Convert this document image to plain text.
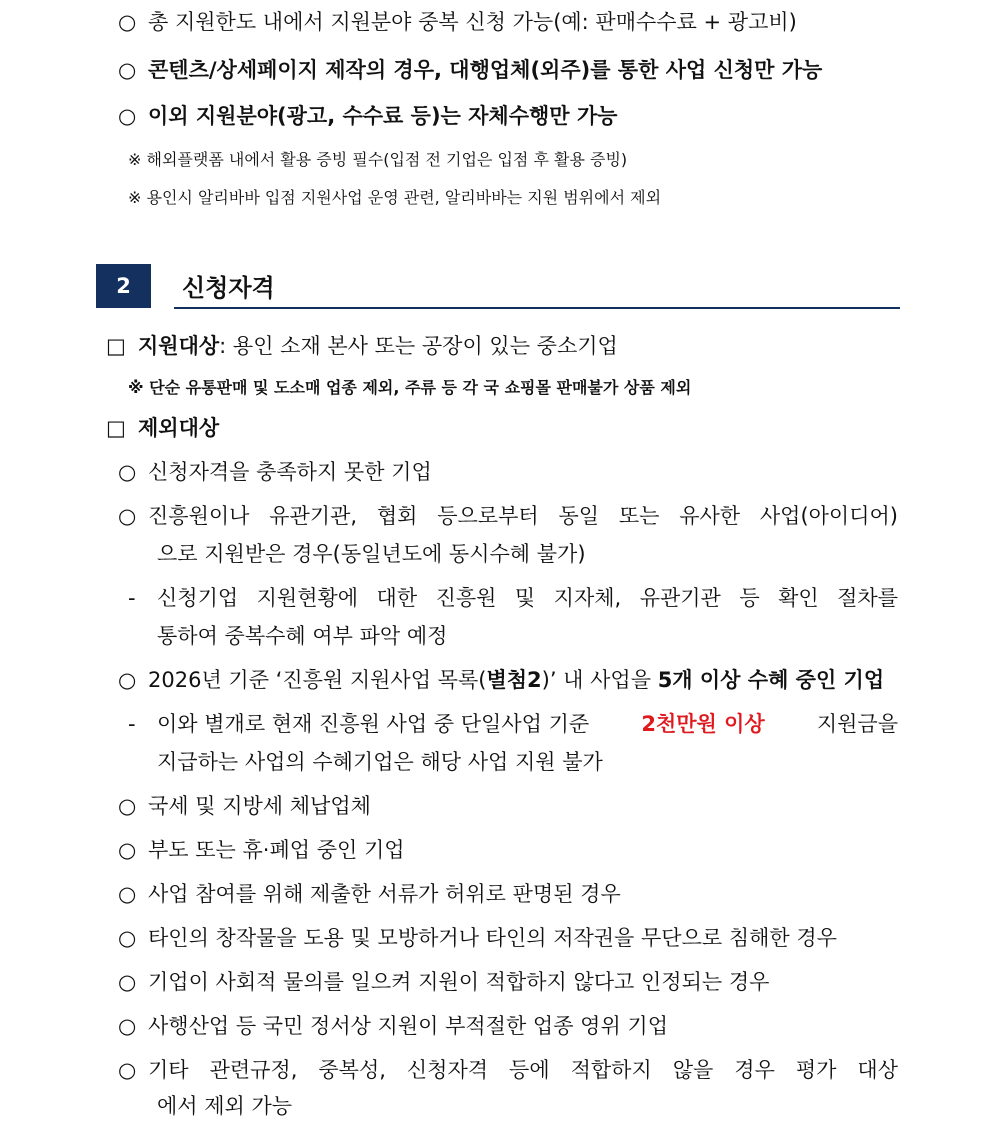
○ 총 지원한도 내에서 지원분야 중복 신청 가능(예: 판매수수료 + 광고비)
○ 콘텐츠/상세페이지 제작의 경우, 대행업체(외주)를 통한 사업 신청만 가능
○ 이외 지원분야(광고, 수수료 등)는 자체수행만 가능
※ 해외플랫폼 내에서 활용 증빙 필수(입점 전 기업은 입점 후 활용 증빙)
※ 용인시 알리바바 입점 지원사업 운영 관련, 알리바바는 지원 범위에서 제외
2	신청자격
□ 지원대상: 용인 소재 본사 또는 공장이 있는 중소기업
※ 단순 유통판매 및 도소매 업종 제외, 주류 등 각 국 쇼핑몰 판매불가 상품 제외
□ 제외대상
○ 신청자격을 충족하지 못한 기업
○ 진흥원이나 유관기관, 협회 등으로부터 동일 또는 유사한 사업(아이디어)
으로 지원받은 경우(동일년도에 동시수혜 불가)
-	신청기업 지원현황에 대한 진흥원 및 지자체, 유관기관 등 확인 절차를
통하여 중복수혜 여부 파악 예정
○ 2026년 기준 ‘진흥원 지원사업 목록(별첨2)’ 내 사업을 5개 이상 수혜 중인 기업
-	이와 별개로 현재 진흥원 사업 중 단일사업 기준 2천만원 이상 지원금을
지급하는 사업의 수혜기업은 해당 사업 지원 불가
○ 국세 및 지방세 체납업체
○ 부도 또는 휴·폐업 중인 기업
○ 사업 참여를 위해 제출한 서류가 허위로 판명된 경우
○ 타인의 창작물을 도용 및 모방하거나 타인의 저작권을 무단으로 침해한 경우
○ 기업이 사회적 물의를 일으켜 지원이 적합하지 않다고 인정되는 경우
○ 사행산업 등 국민 정서상 지원이 부적절한 업종 영위 기업
○ 기타 관련규정, 중복성, 신청자격 등에 적합하지 않을 경우 평가 대상
에서 제외 가능
